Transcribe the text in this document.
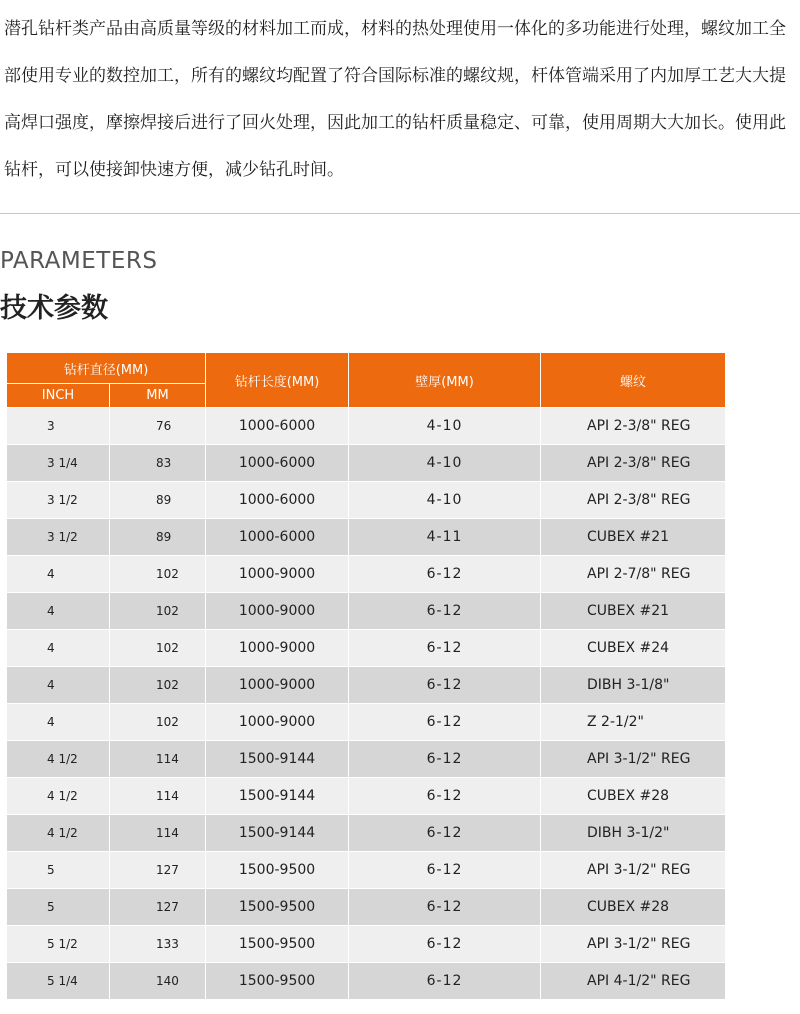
潜孔钻杆类产品由高质量等级的材料加工而成，材料的热处理使用一体化的多功能进行处理，螺纹加工全部使用专业的数控加工，所有的螺纹均配置了符合国际标准的螺纹规，杆体管端采用了内加厚工艺大大提高焊口强度，摩擦焊接后进行了回火处理，因此加工的钻杆质量稳定、可靠，使用周期大大加长。使用此钻杆，可以使接卸快速方便，减少钻孔时间。

PARAMETERS
技术参数
钻杆直径(MM)		钻杆长度(MM)	壁厚(MM)	螺纹
INCH	MM			
3	76	1000-6000	4-10	API 2-3/8" REG
3 1/4	83	1000-6000	4-10	API 2-3/8" REG
3 1/2	89	1000-6000	4-10	API 2-3/8" REG
3 1/2	89	1000-6000	4-11	CUBEX #21
4	102	1000-9000	6-12	API 2-7/8" REG
4	102	1000-9000	6-12	CUBEX #21
4	102	1000-9000	6-12	CUBEX #24
4	102	1000-9000	6-12	DIBH 3-1/8"
4	102	1000-9000	6-12	Z 2-1/2"
4 1/2	114	1500-9144	6-12	API 3-1/2" REG
4 1/2	114	1500-9144	6-12	CUBEX #28
4 1/2	114	1500-9144	6-12	DIBH 3-1/2"
5	127	1500-9500	6-12	API 3-1/2" REG
5	127	1500-9500	6-12	CUBEX #28
5 1/2	133	1500-9500	6-12	API 3-1/2" REG
5 1/4	140	1500-9500	6-12	API 4-1/2" REG
